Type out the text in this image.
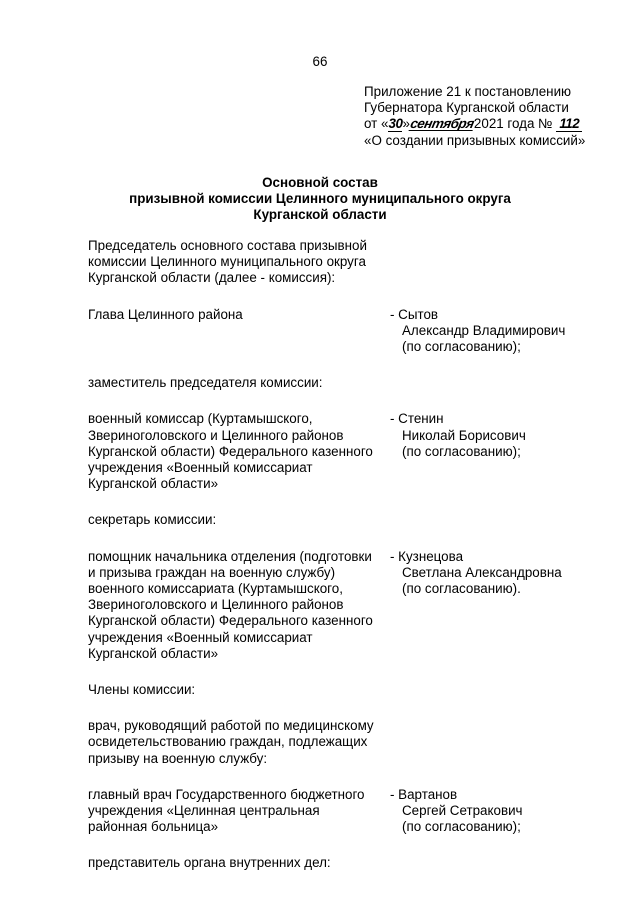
66
Приложение 21 к постановлению
Губернатора Курганской области
от «30»сентября2021 года № 112
«О создании призывных комиссий»
Основной состав
призывной комиссии Целинного муниципального округа
Курганской области
Председатель основного состава призывной
комиссии Целинного муниципального округа
Курганской области (далее - комиссия):
Глава Целинного района	- Сытов
Александр Владимирович
(по согласованию);
заместитель председателя комиссии:
военный комиссар (Куртамышского,
Звериноголовского и Целинного районов
Курганской области) Федерального казенного
учреждения «Военный комиссариат
Курганской области»
- Стенин
Николай Борисович
(по согласованию);
секретарь комиссии:
помощник начальника отделения (подготовки
и призыва граждан на военную службу)
военного комиссариата (Куртамышского,
Звериноголовского и Целинного районов
Курганской области) Федерального казенного
учреждения «Военный комиссариат
Курганской области»
- Кузнецова
Светлана Александровна
(по согласованию).
Члены комиссии:
врач, руководящий работой по медицинскому
освидетельствованию граждан, подлежащих
призыву на военную службу:
главный врач Государственного бюджетного
учреждения «Целинная центральная
районная больница»
- Вартанов
Сергей Сетракович
(по согласованию);
представитель органа внутренних дел:
